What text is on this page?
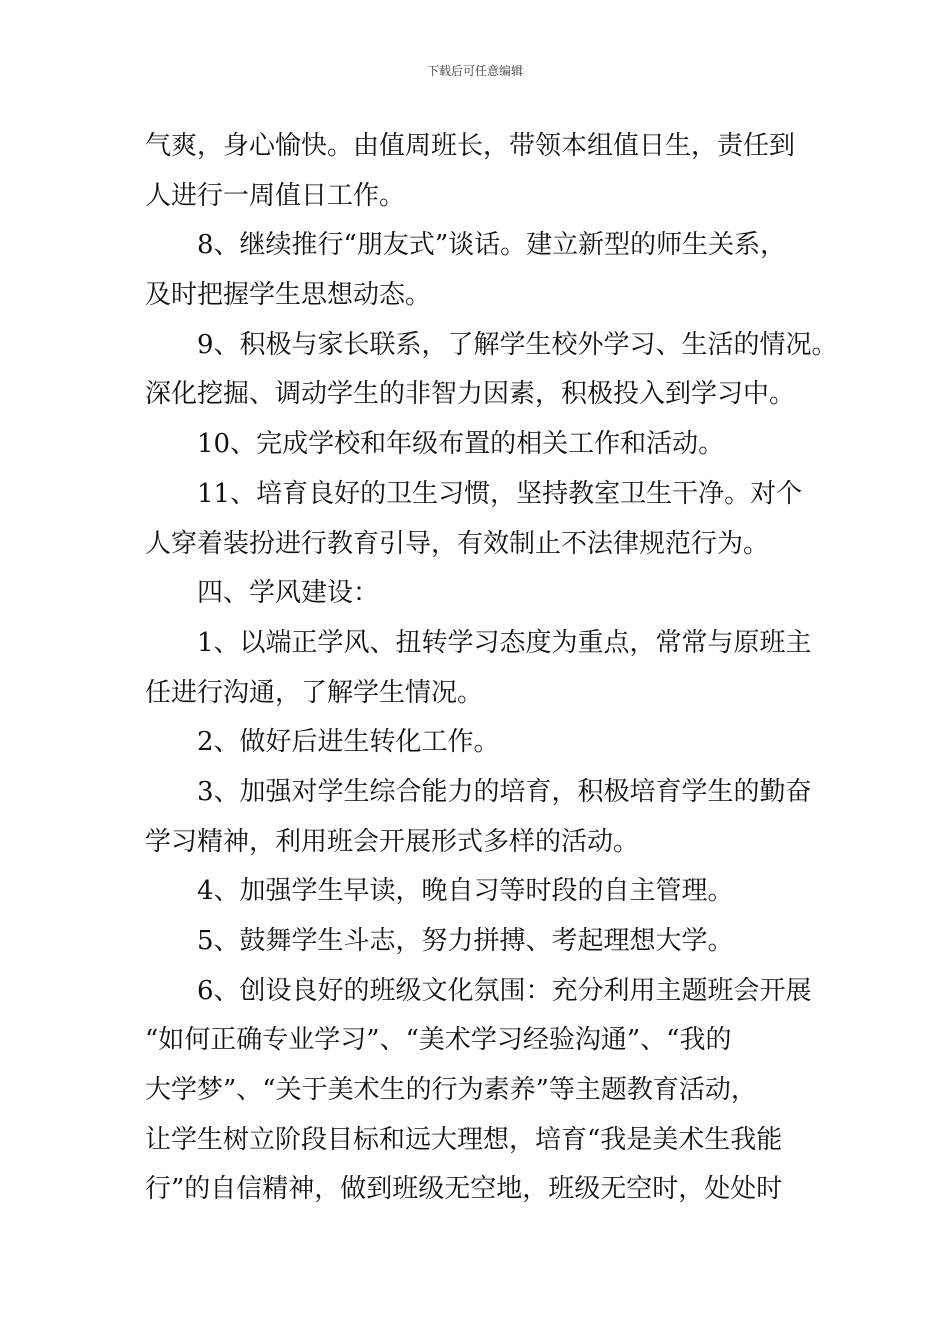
下载后可任意编辑
气爽，身心愉快。由值周班长，带领本组值日生，责任到
人进行一周值日工作。
8、继续推行“朋友式”谈话。建立新型的师生关系，
及时把握学生思想动态。
9、积极与家长联系，了解学生校外学习、生活的情况。
深化挖掘、调动学生的非智力因素，积极投入到学习中。
10、完成学校和年级布置的相关工作和活动。
11、培育良好的卫生习惯，坚持教室卫生干净。对个
人穿着装扮进行教育引导，有效制止不法律规范行为。
四、学风建设：
1、以端正学风、扭转学习态度为重点，常常与原班主
任进行沟通，了解学生情况。
2、做好后进生转化工作。
3、加强对学生综合能力的培育，积极培育学生的勤奋
学习精神，利用班会开展形式多样的活动。
4、加强学生早读，晚自习等时段的自主管理。
5、鼓舞学生斗志，努力拼搏、考起理想大学。
6、创设良好的班级文化氛围：充分利用主题班会开展
“如何正确专业学习”、“美术学习经验沟通”、“我的
大学梦”、“关于美术生的行为素养”等主题教育活动，
让学生树立阶段目标和远大理想，培育“我是美术生我能
行”的自信精神，做到班级无空地，班级无空时，处处时
